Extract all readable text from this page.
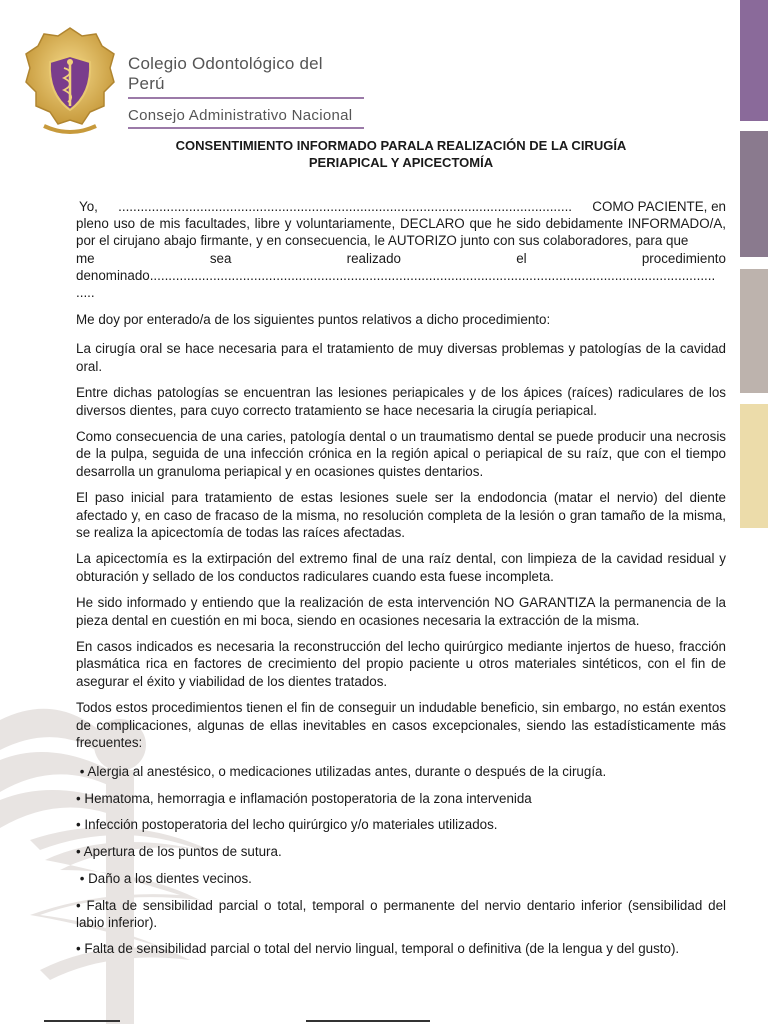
Colegio Odontológico del Perú
Consejo Administrativo Nacional
CONSENTIMIENTO INFORMADO PARALA REALIZACIÓN DE LA CIRUGÍA
PERIAPICAL Y APICECTOMÍA

Yo, .......................................................................................................................... COMO PACIENTE, en
pleno uso de mis facultades, libre y voluntariamente, DECLARO que he sido debidamente INFORMADO/A, por el cirujano abajo firmante, y en consecuencia, le AUTORIZO junto con sus colaboradores, para que
me	sea	realizado	el	procedimiento
denominado........................................................................................................................................................
.....

Me doy por enterado/a de los siguientes puntos relativos a dicho procedimiento:

La cirugía oral se hace necesaria para el tratamiento de muy diversas problemas y patologías de la cavidad oral.

Entre dichas patologías se encuentran las lesiones periapicales y de los ápices (raíces) radiculares de los diversos dientes, para cuyo correcto tratamiento se hace necesaria la cirugía periapical.

Como consecuencia de una caries, patología dental o un traumatismo dental se puede producir una necrosis de la pulpa, seguida de una infección crónica en la región apical o periapical de su raíz, que con el tiempo desarrolla un granuloma periapical y en ocasiones quistes dentarios.

El paso inicial para tratamiento de estas lesiones suele ser la endodoncia (matar el nervio) del diente afectado y, en caso de fracaso de la misma, no resolución completa de la lesión o gran tamaño de la misma, se realiza la apicectomía de todas las raíces afectadas.

La apicectomía es la extirpación del extremo final de una raíz dental, con limpieza de la cavidad residual y obturación y sellado de los conductos radiculares cuando esta fuese incompleta.

He sido informado y entiendo que la realización de esta intervención NO GARANTIZA la permanencia de la pieza dental en cuestión en mi boca, siendo en ocasiones necesaria la extracción de la misma.

En casos indicados es necesaria la reconstrucción del lecho quirúrgico mediante injertos de hueso, fracción plasmática rica en factores de crecimiento del propio paciente u otros materiales sintéticos, con el fin de asegurar el éxito y viabilidad de los dientes tratados.

Todos estos procedimientos tienen el fin de conseguir un indudable beneficio, sin embargo, no están exentos de complicaciones, algunas de ellas inevitables en casos excepcionales, siendo las estadísticamente más frecuentes:

• Alergia al anestésico, o medicaciones utilizadas antes, durante o después de la cirugía.

• Hematoma, hemorragia e inflamación postoperatoria de la zona intervenida

• Infección postoperatoria del lecho quirúrgico y/o materiales utilizados.

• Apertura de los puntos de sutura.

• Daño a los dientes vecinos.

• Falta de sensibilidad parcial o total, temporal o permanente del nervio dentario inferior (sensibilidad del labio inferior).

• Falta de sensibilidad parcial o total del nervio lingual, temporal o definitiva (de la lengua y del gusto).
